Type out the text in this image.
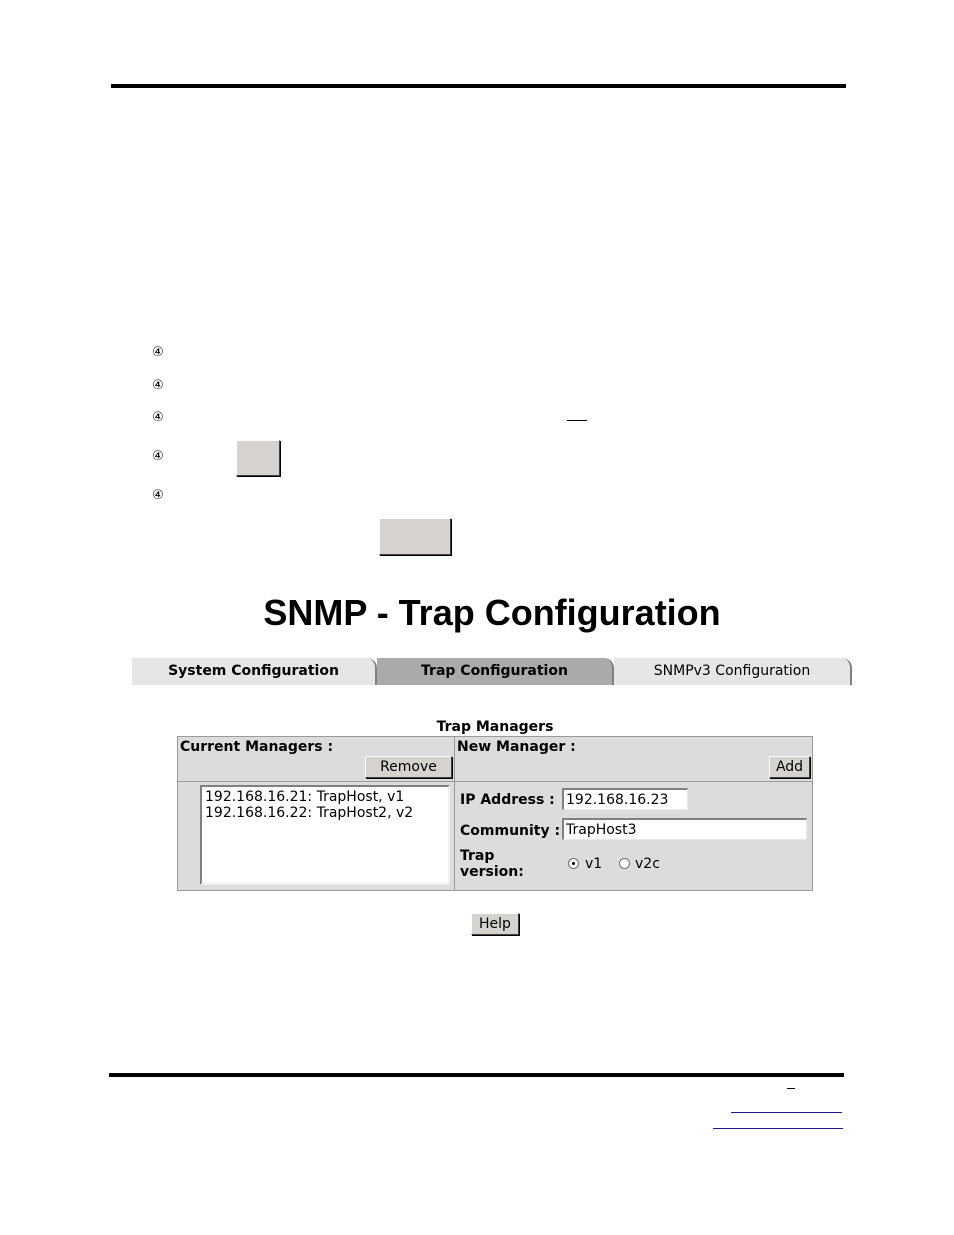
④
④
④
④
④
SNMP - Trap Configuration
System Configuration	Trap Configuration	SNMPv3 Configuration
Trap Managers
Current Managers :
Remove
192.168.16.21: TrapHost, v1
192.168.16.22: TrapHost2, v2
New Manager :
Add
IP Address :
192.168.16.23
Community :
TrapHost3
Trap
version:	v1 v2c
Help
